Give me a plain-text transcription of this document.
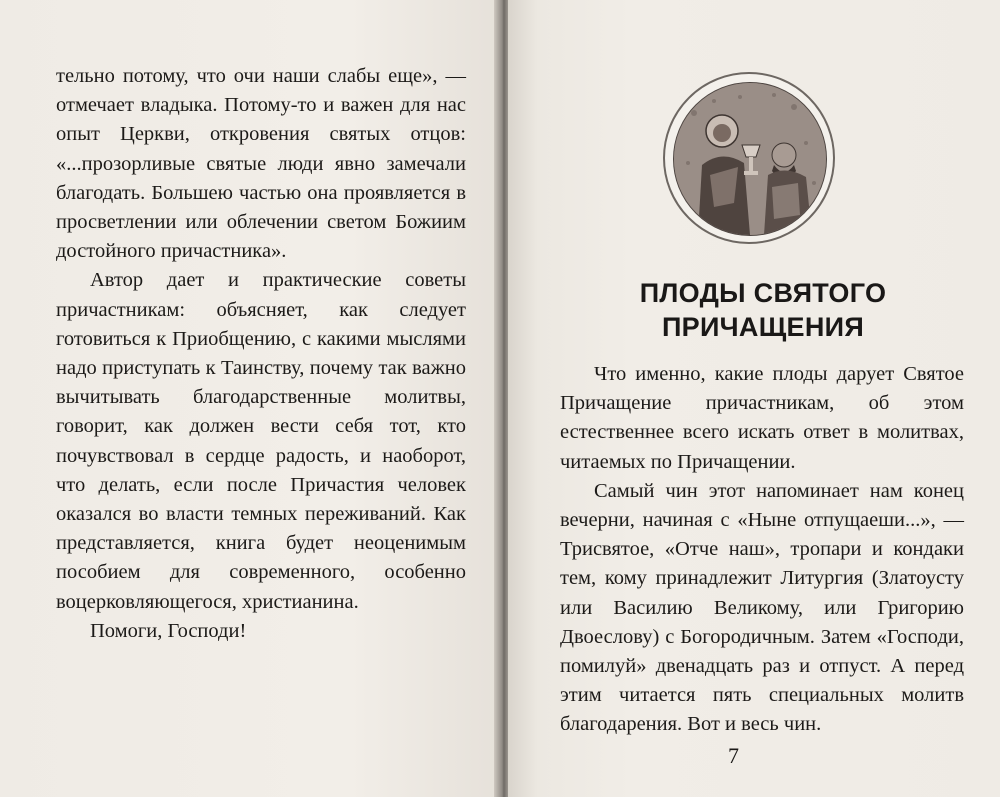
тельно потому, что очи наши слабы еще», — отмечает владыка. Потому-то и важен для нас опыт Церкви, откровения святых отцов: «...прозорливые святые люди явно замечали благодать. Большею частью она проявляется в просветлении или облечении светом Божиим достойного причастника».

Автор дает и практические советы причастникам: объясняет, как следует готовиться к Приобщению, с какими мыслями надо приступать к Таинству, почему так важно вычитывать благодарственные молитвы, говорит, как должен вести себя тот, кто почувствовал в сердце радость, и наоборот, что делать, если после Причастия человек оказался во власти темных переживаний. Как представляется, книга будет неоценимым пособием для современного, особенно воцерковляющегося, христианина.

Помоги, Господи!

ПЛОДЫ СВЯТОГО
ПРИЧАЩЕНИЯ

Что именно, какие плоды дарует Святое Причащение причастникам, об этом естественнее всего искать ответ в молитвах, читаемых по Причащении.

Самый чин этот напоминает нам конец вечерни, начиная с «Ныне отпущаеши...», — Трисвятое, «Отче наш», тропари и кондаки тем, кому принадлежит Литургия (Златоусту или Василию Великому, или Григорию Двоеслову) с Богородичным. Затем «Господи, помилуй» двенадцать раз и отпуст. А перед этим читается пять специальных молитв благодарения. Вот и весь чин.

7
